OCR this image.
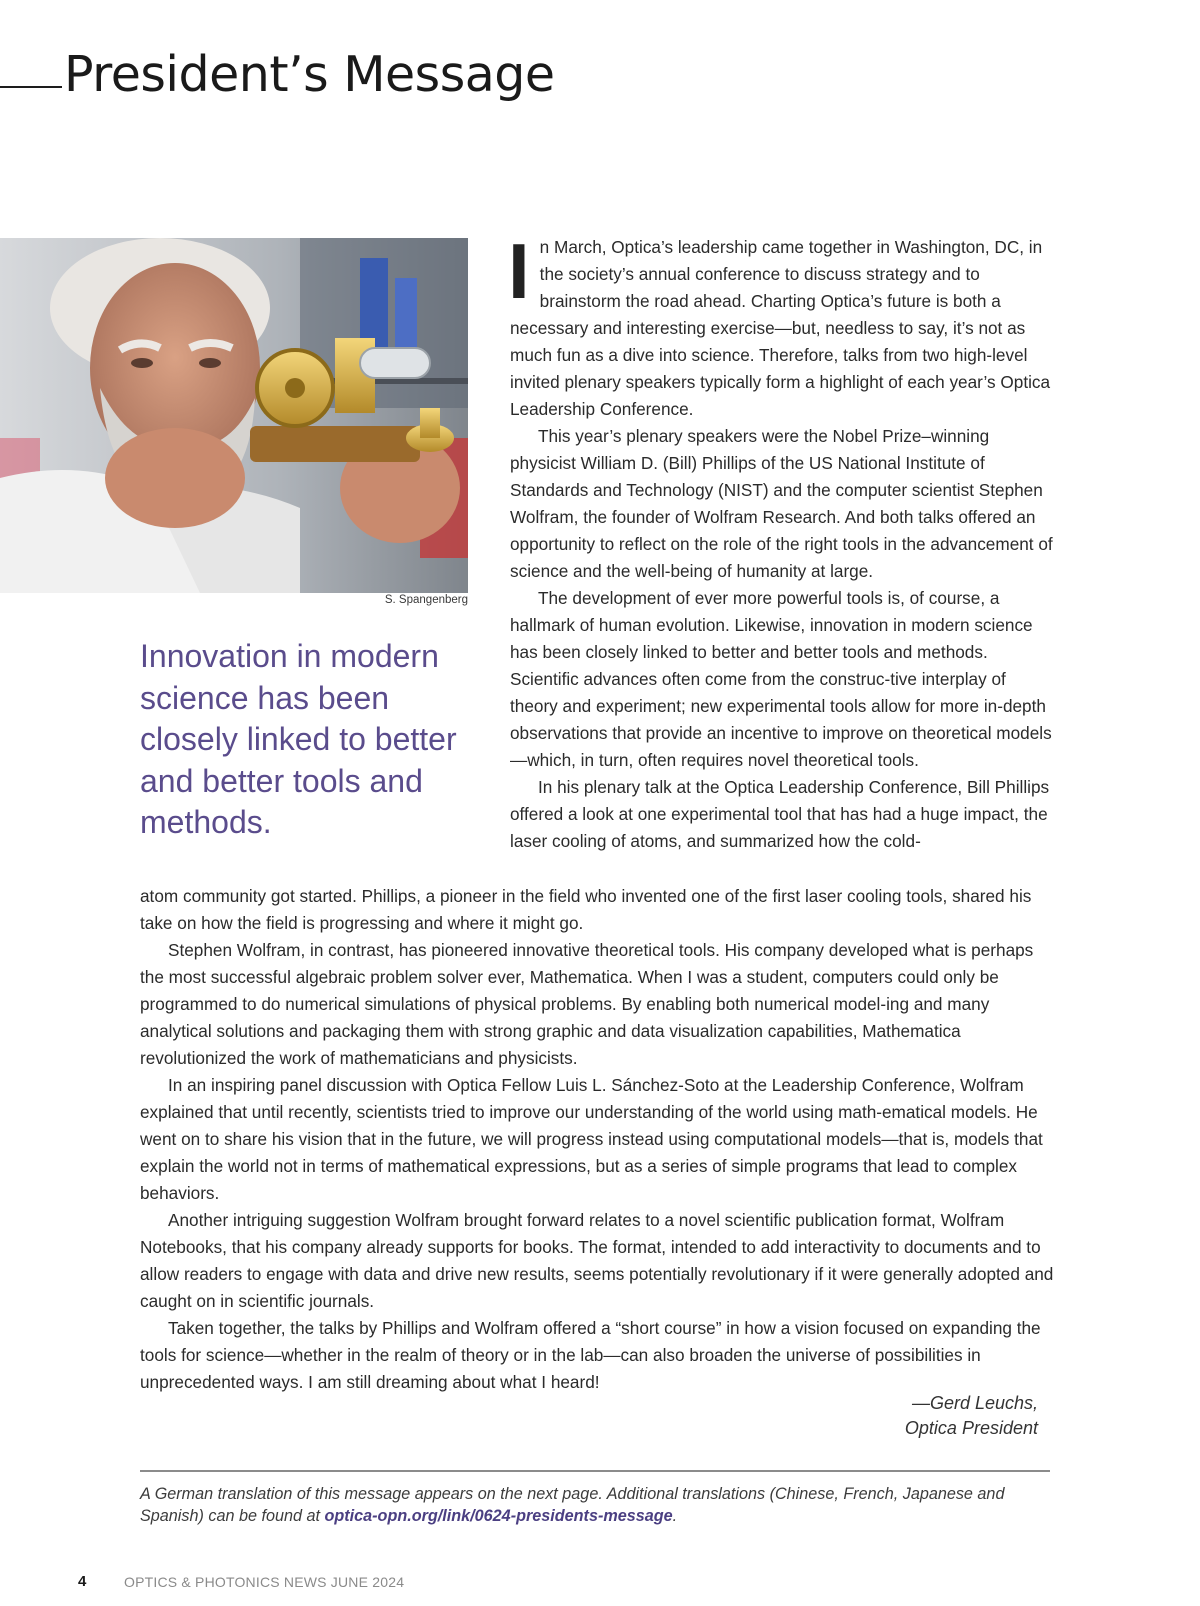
President’s Message

S. Spangenberg

Innovation in modern science has been closely linked to better and better tools and methods.

In March, Optica’s leadership came together in Washington, DC, in the society’s annual conference to discuss strategy and to brainstorm the road ahead. Charting Optica’s future is both a necessary and interesting exercise—but, needless to say, it’s not as much fun as a dive into science. Therefore, talks from two high-level invited plenary speakers typically form a highlight of each year’s Optica Leadership Conference.

This year’s plenary speakers were the Nobel Prize–winning physicist William D. (Bill) Phillips of the US National Institute of Standards and Technology (NIST) and the computer scientist Stephen Wolfram, the founder of Wolfram Research. And both talks offered an opportunity to reflect on the role of the right tools in the advancement of science and the well-being of humanity at large.

The development of ever more powerful tools is, of course, a hallmark of human evolution. Likewise, innovation in modern science has been closely linked to better and better tools and methods. Scientific advances often come from the construc-tive interplay of theory and experiment; new experimental tools allow for more in-depth observations that provide an incentive to improve on theoretical models—which, in turn, often requires novel theoretical tools.

In his plenary talk at the Optica Leadership Conference, Bill Phillips offered a look at one experimental tool that has had a huge impact, the laser cooling of atoms, and summarized how the cold-

atom community got started. Phillips, a pioneer in the field who invented one of the first laser cooling tools, shared his take on how the field is progressing and where it might go.

Stephen Wolfram, in contrast, has pioneered innovative theoretical tools. His company developed what is perhaps the most successful algebraic problem solver ever, Mathematica. When I was a student, computers could only be programmed to do numerical simulations of physical problems. By enabling both numerical model-ing and many analytical solutions and packaging them with strong graphic and data visualization capabilities, Mathematica revolutionized the work of mathematicians and physicists.

In an inspiring panel discussion with Optica Fellow Luis L. Sánchez-Soto at the Leadership Conference, Wolfram explained that until recently, scientists tried to improve our understanding of the world using math-ematical models. He went on to share his vision that in the future, we will progress instead using computational models—that is, models that explain the world not in terms of mathematical expressions, but as a series of simple programs that lead to complex behaviors.

Another intriguing suggestion Wolfram brought forward relates to a novel scientific publication format, Wolfram Notebooks, that his company already supports for books. The format, intended to add interactivity to documents and to allow readers to engage with data and drive new results, seems potentially revolutionary if it were generally adopted and caught on in scientific journals.

Taken together, the talks by Phillips and Wolfram offered a “short course” in how a vision focused on expanding the tools for science—whether in the realm of theory or in the lab—can also broaden the universe of possibilities in unprecedented ways. I am still dreaming about what I heard!

—Gerd Leuchs,
Optica President

A German translation of this message appears on the next page. Additional translations (Chinese, French, Japanese and Spanish) can be found at optica-opn.org/link/0624-presidents-message.

4	OPTICS & PHOTONICS NEWS JUNE 2024
